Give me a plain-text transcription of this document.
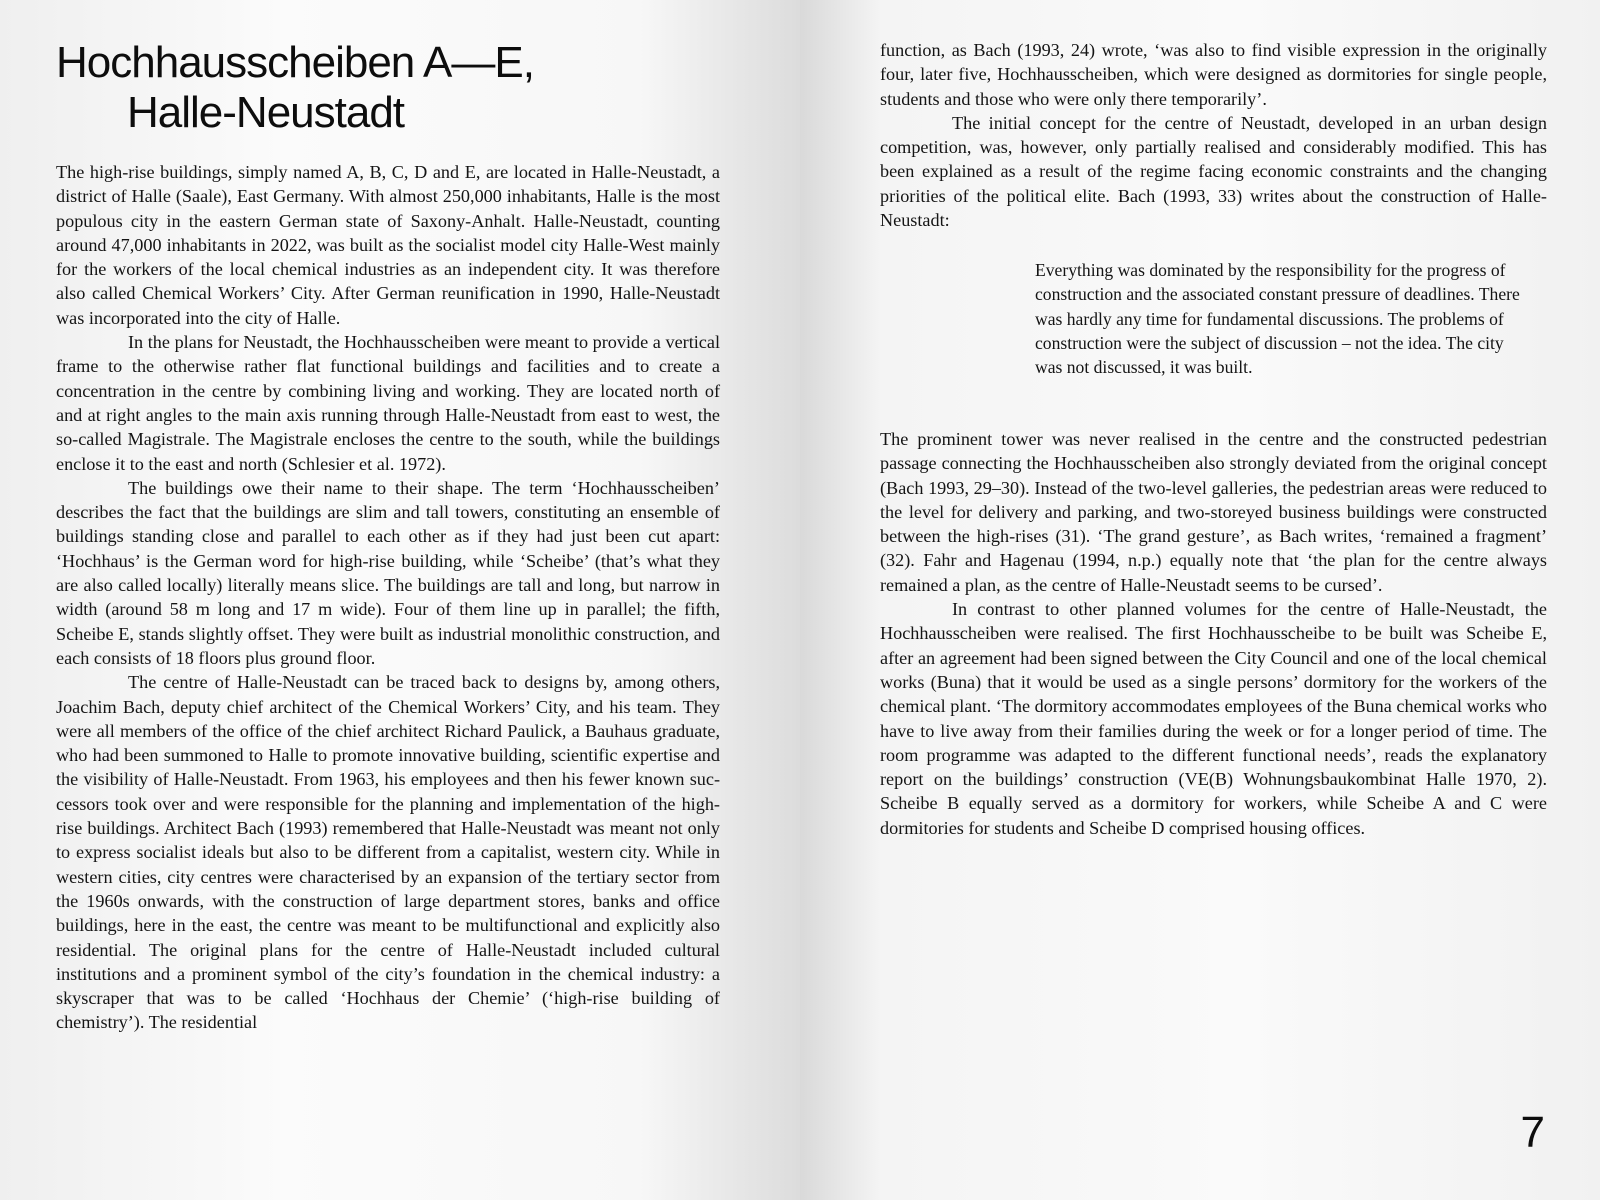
Hochhausscheiben A—E,
Halle-Neustadt

The high-rise buildings, simply named A, B, C, D and E, are located in Halle-Neustadt, a district of Halle (Saale), East Germany. With almost 250,000 inhabitants, Halle is the most populous city in the eastern German state of Saxony-Anhalt. Halle-Neustadt, counting around 47,000 inhabitants in 2022, was built as the socialist model city Halle-West mainly for the workers of the local chemical industries as an independent city. It was therefore also called Chemical Workers’ City. After German reunification in 1990, Halle-Neustadt was incorporated into the city of Halle.

In the plans for Neustadt, the Hochhausscheiben were meant to provide a vertical frame to the otherwise rather flat functional buildings and facilities and to create a concentration in the centre by combining living and working. They are located north of and at right angles to the main axis running through Halle-Neustadt from east to west, the so-called Magistrale. The Magistrale encloses the centre to the south, while the buildings enclose it to the east and north (Schlesier et al. 1972).

The buildings owe their name to their shape. The term ‘Hochhausscheiben’ describes the fact that the buildings are slim and tall towers, constituting an ensemble of buildings standing close and parallel to each other as if they had just been cut apart: ‘Hochhaus’ is the German word for high-rise building, while ‘Scheibe’ (that’s what they are also called locally) literally means slice. The buildings are tall and long, but narrow in width (around 58 m long and 17 m wide). Four of them line up in parallel; the fifth, Scheibe E, stands slightly offset. They were built as industrial monolithic construction, and each consists of 18 floors plus ground floor.

The centre of Halle-Neustadt can be traced back to designs by, among others, Joachim Bach, deputy chief architect of the Chemical Workers’ City, and his team. They were all members of the office of the chief architect Richard Paulick, a Bauhaus graduate, who had been summoned to Halle to promote innovative building, scientific expertise and the visibility of Halle-Neustadt. From 1963, his employees and then his fewer known successors took over and were responsible for the planning and implementation of the high-rise buildings. Architect Bach (1993) remembered that Halle-Neustadt was meant not only to express socialist ideals but also to be different from a capitalist, western city. While in western cities, city centres were characterised by an expansion of the tertiary sector from the 1960s onwards, with the construction of large department stores, banks and office buildings, here in the east, the centre was meant to be multifunctional and explicitly also residential. The original plans for the centre of Halle-Neustadt included cultural institutions and a prominent symbol of the city’s foundation in the chemical industry: a skyscraper that was to be called ‘Hochhaus der Chemie’ (‘high-rise building of chemistry’). The residential

function, as Bach (1993, 24) wrote, ‘was also to find visible expression in the originally four, later five, Hochhausscheiben, which were designed as dormitories for single people, students and those who were only there temporarily’.

The initial concept for the centre of Neustadt, developed in an urban design competition, was, however, only partially realised and considerably modified. This has been explained as a result of the regime facing economic constraints and the changing priorities of the political elite. Bach (1993, 33) writes about the construction of Halle-Neustadt:

Everything was dominated by the responsibility for the progress of construction and the associated constant pressure of deadlines. There was hardly any time for fundamental discussions. The problems of construction were the subject of discussion – not the idea. The city was not discussed, it was built.

The prominent tower was never realised in the centre and the constructed pedestrian passage connecting the Hochhausscheiben also strongly deviated from the original concept (Bach 1993, 29–30). Instead of the two-level galleries, the pedestrian areas were reduced to the level for delivery and parking, and two-storeyed business buildings were constructed between the high-rises (31). ‘The grand gesture’, as Bach writes, ‘remained a fragment’ (32). Fahr and Hagenau (1994, n.p.) equally note that ‘the plan for the centre always remained a plan, as the centre of Halle-Neustadt seems to be cursed’.

In contrast to other planned volumes for the centre of Halle-Neustadt, the Hochhausscheiben were realised. The first Hochhausscheibe to be built was Scheibe E, after an agreement had been signed between the City Council and one of the local chemical works (Buna) that it would be used as a single persons’ dormitory for the workers of the chemical plant. ‘The dormitory accommodates employees of the Buna chemical works who have to live away from their families during the week or for a longer period of time. The room programme was adapted to the different functional needs’, reads the explanatory report on the buildings’ construction (VE(B) Wohnungsbaukombinat Halle 1970, 2). Scheibe B equally served as a dormitory for workers, while Scheibe A and C were dormitories for students and Scheibe D comprised housing offices.

7
